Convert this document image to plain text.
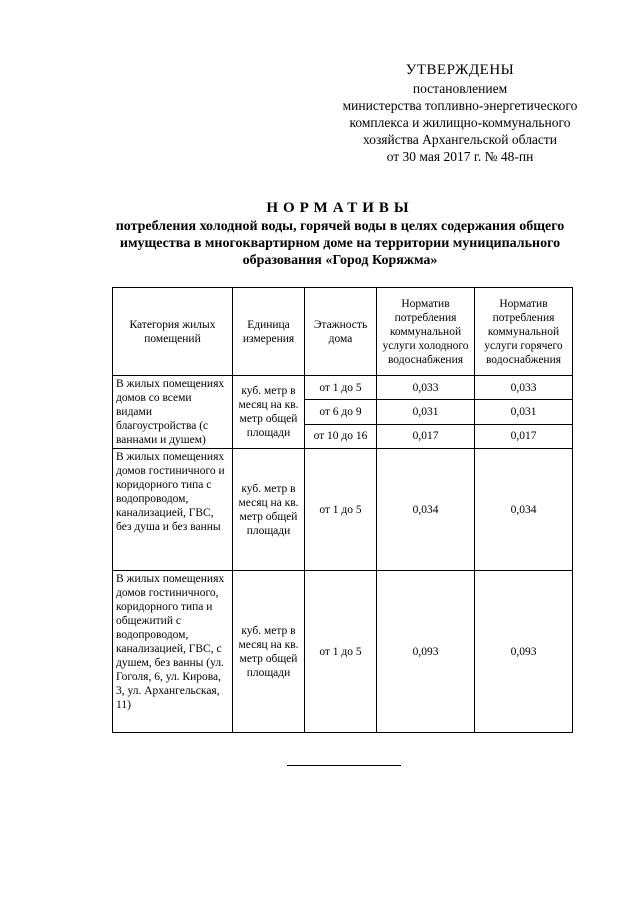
УТВЕРЖДЕНЫ
постановлением
министерства топливно-энергетического
комплекса и жилищно-коммунального
хозяйства Архангельской области
от 30 мая 2017 г. № 48-пн
НОРМАТИВЫ
потребления холодной воды, горячей воды в целях содержания общего
имущества в многоквартирном доме на территории муниципального
образования «Город Коряжма»
Категория жилых помещений	Единица измерения	Этажность дома	Норматив потребления коммунальной услуги холодного водоснабжения	Норматив потребления коммунальной услуги горячего водоснабжения
В жилых помещениях домов со всеми видами благоустройства (с ваннами и душем)	куб. метр в месяц на кв. метр общей площади	от 1 до 5	0,033	0,033
		от 6 до 9	0,031	0,031
		от 10 до 16	0,017	0,017
В жилых помещениях домов гостиничного и коридорного типа с водопроводом, канализацией, ГВС, без душа и без ванны	куб. метр в месяц на кв. метр общей площади	от 1 до 5	0,034	0,034
В жилых помещениях домов гостиничного, коридорного типа и общежитий с водопроводом, канализацией, ГВС, с душем, без ванны (ул. Гоголя, 6, ул. Кирова, 3, ул. Архангельская, 11)	куб. метр в месяц на кв. метр общей площади	от 1 до 5	0,093	0,093
